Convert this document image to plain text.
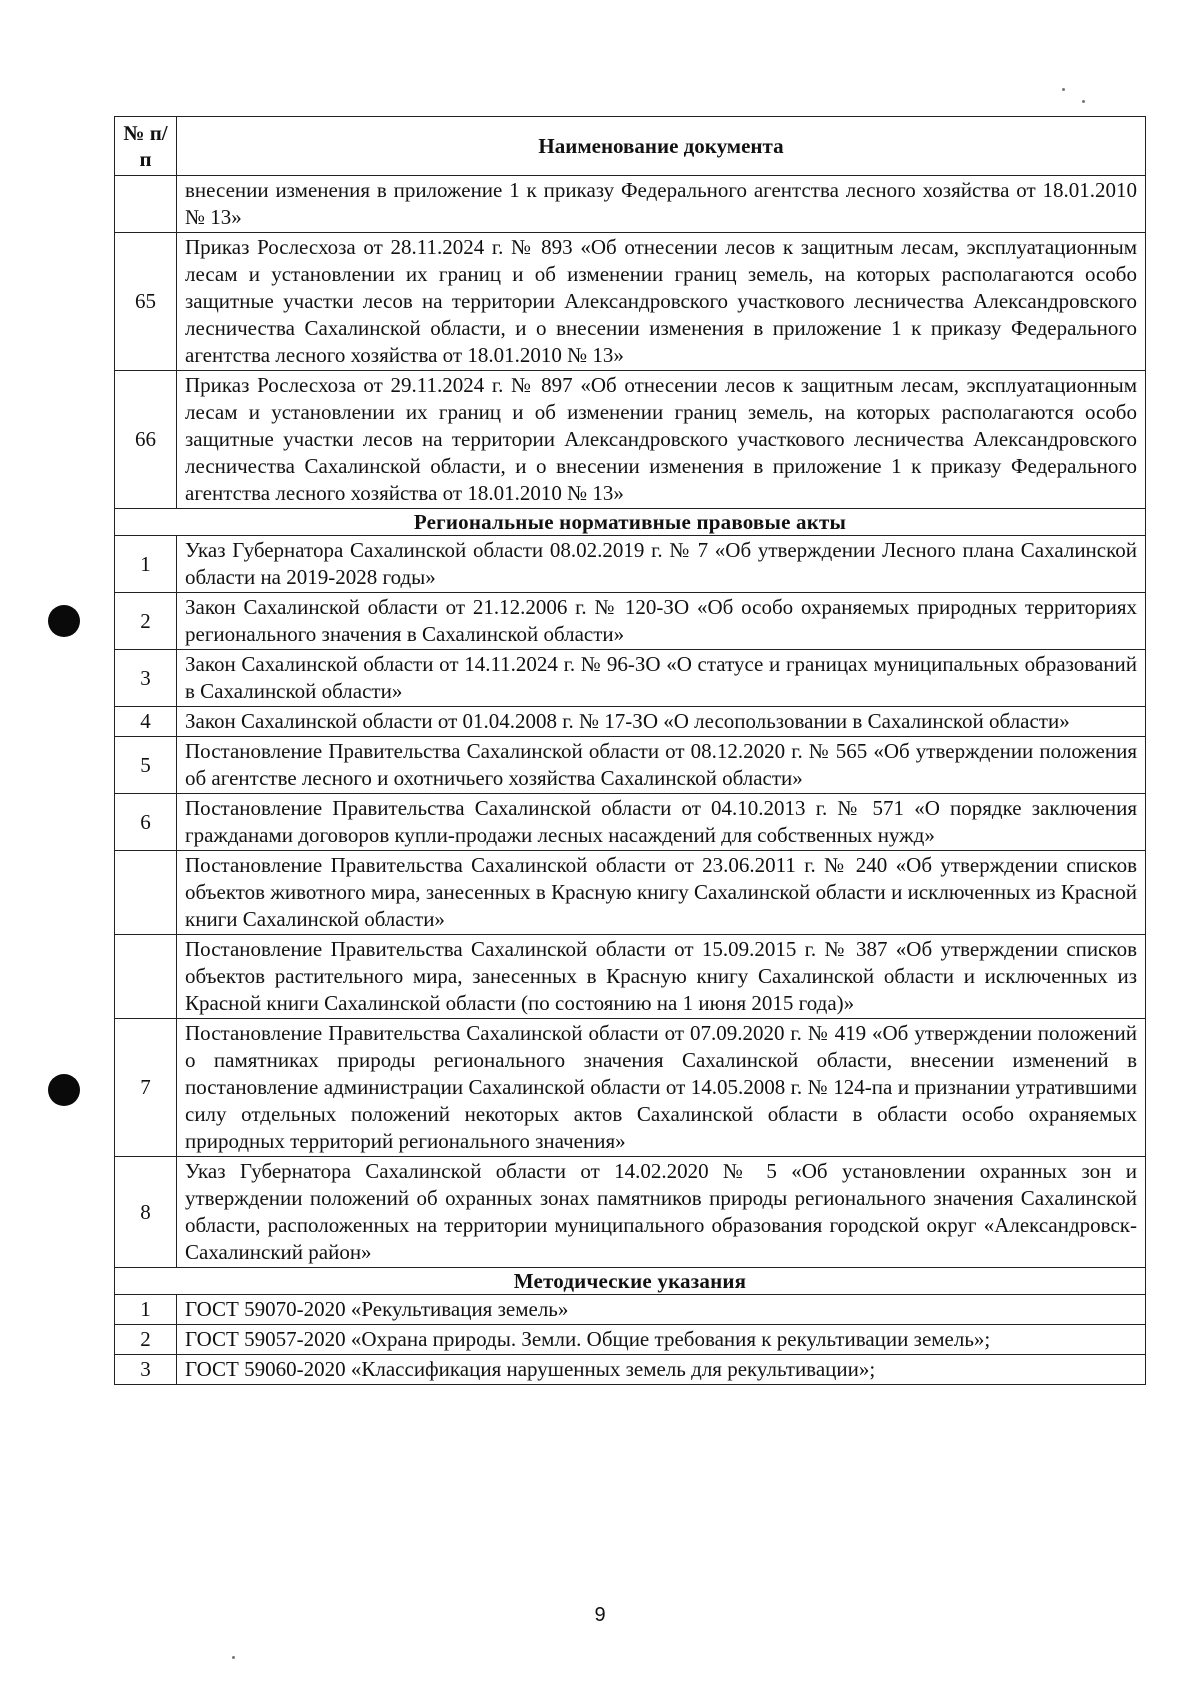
№ п/п	Наименование документа
	внесении изменения в приложение 1 к приказу Федерального агентства лесного хозяйства от 18.01.2010 № 13»
65	Приказ Рослесхоза от 28.11.2024 г. № 893 «Об отнесении лесов к защитным лесам, эксплуатационным лесам и установлении их границ и об изменении границ земель, на которых располагаются особо защитные участки лесов на территории Александровского участкового лесничества Александровского лесничества Сахалинской области, и о внесении изменения в приложение 1 к приказу Федерального агентства лесного хозяйства от 18.01.2010 № 13»
66	Приказ Рослесхоза от 29.11.2024 г. № 897 «Об отнесении лесов к защитным лесам, эксплуатационным лесам и установлении их границ и об изменении границ земель, на которых располагаются особо защитные участки лесов на территории Александровского участкового лесничества Александровского лесничества Сахалинской области, и о внесении изменения в приложение 1 к приказу Федерального агентства лесного хозяйства от 18.01.2010 № 13»
Региональные нормативные правовые акты	
1	Указ Губернатора Сахалинской области 08.02.2019 г. № 7 «Об утверждении Лесного плана Сахалинской области на 2019-2028 годы»
2	Закон Сахалинской области от 21.12.2006 г. № 120-ЗО «Об особо охраняемых природных территориях регионального значения в Сахалинской области»
3	Закон Сахалинской области от 14.11.2024 г. № 96-ЗО «О статусе и границах муниципальных образований в Сахалинской области»
4	Закон Сахалинской области от 01.04.2008 г. № 17-ЗО «О лесопользовании в Сахалинской области»
5	Постановление Правительства Сахалинской области от 08.12.2020 г. № 565 «Об утверждении положения об агентстве лесного и охотничьего хозяйства Сахалинской области»
6	Постановление Правительства Сахалинской области от 04.10.2013 г. № 571 «О порядке заключения гражданами договоров купли-продажи лесных насаждений для собственных нужд»
	Постановление Правительства Сахалинской области от 23.06.2011 г. № 240 «Об утверждении списков объектов животного мира, занесенных в Красную книгу Сахалинской области и исключенных из Красной книги Сахалинской области»
	Постановление Правительства Сахалинской области от 15.09.2015 г. № 387 «Об утверждении списков объектов растительного мира, занесенных в Красную книгу Сахалинской области и исключенных из Красной книги Сахалинской области (по состоянию на 1 июня 2015 года)»
7	Постановление Правительства Сахалинской области от 07.09.2020 г. № 419 «Об утверждении положений о памятниках природы регионального значения Сахалинской области, внесении изменений в постановление администрации Сахалинской области от 14.05.2008 г. № 124-па и признании утратившими силу отдельных положений некоторых актов Сахалинской области в области особо охраняемых природных территорий регионального значения»
8	Указ Губернатора Сахалинской области от 14.02.2020 № 5 «Об установлении охранных зон и утверждении положений об охранных зонах памятников природы регионального значения Сахалинской области, расположенных на территории муниципального образования городской округ «Александровск-Сахалинский район»
Методические указания	
1	ГОСТ 59070-2020 «Рекультивация земель»
2	ГОСТ 59057-2020 «Охрана природы. Земли. Общие требования к рекультивации земель»;
3	ГОСТ 59060-2020 «Классификация нарушенных земель для рекультивации»;
9
